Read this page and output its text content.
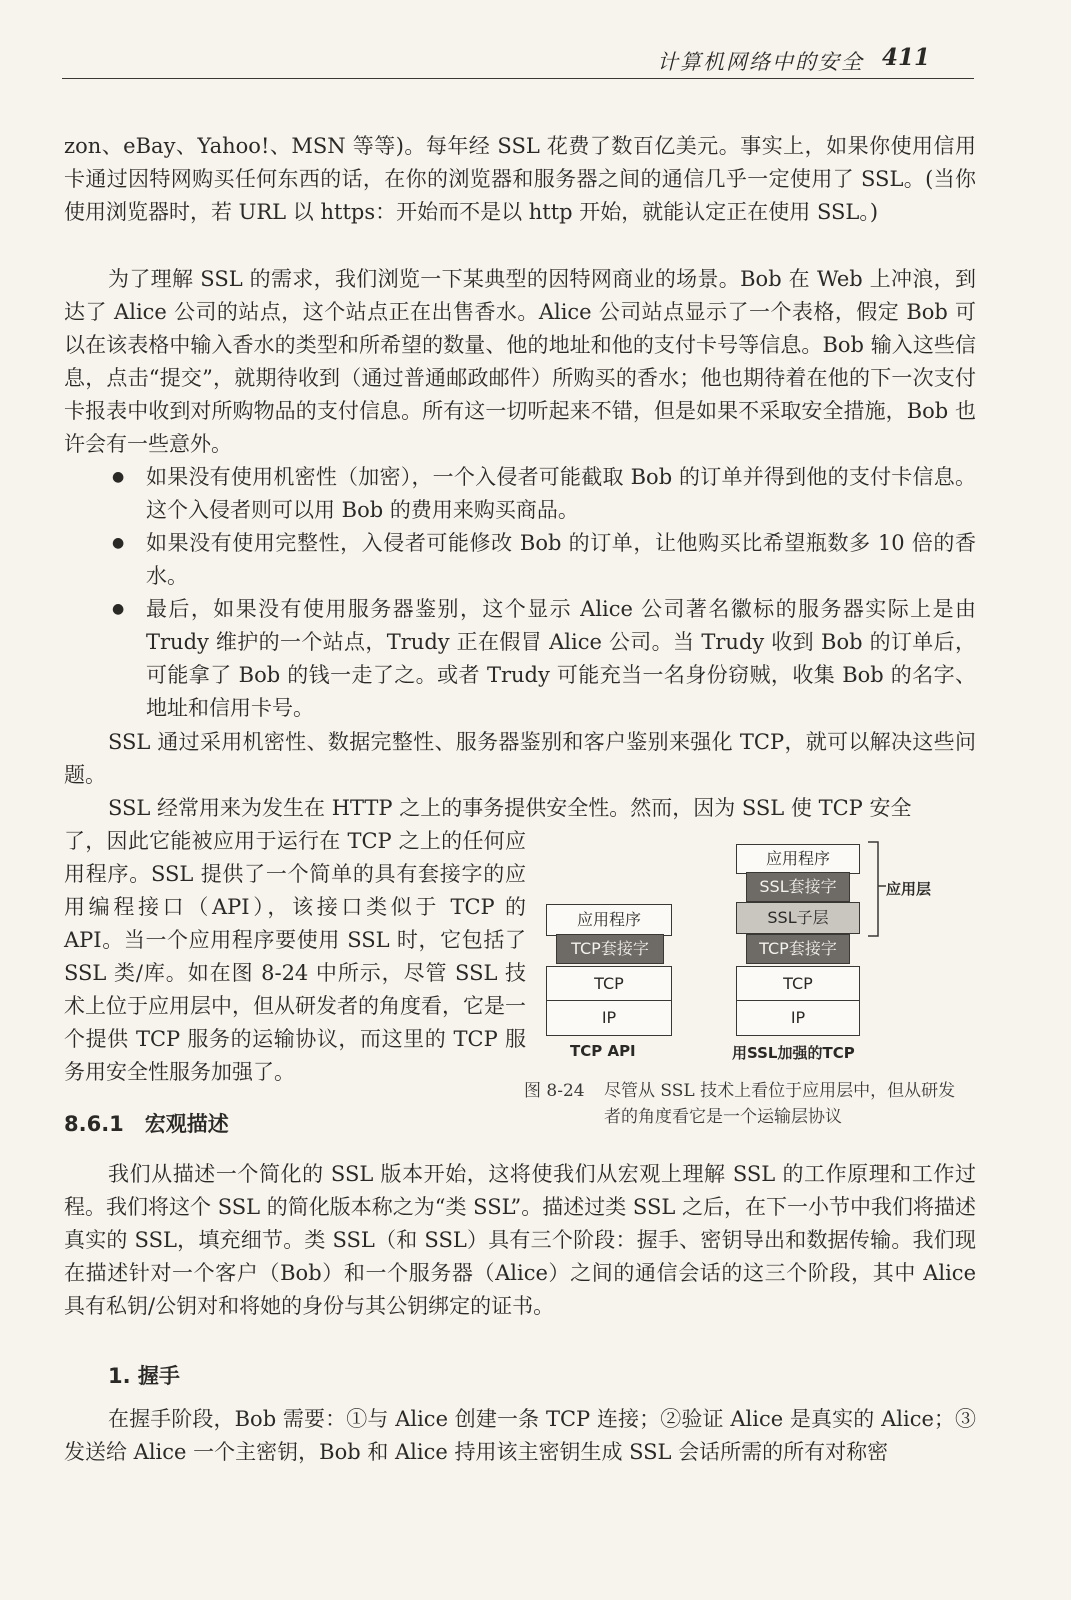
计算机网络中的安全 411
zon、eBay、Yahoo!、MSN 等等)。每年经 SSL 花费了数百亿美元。事实上，如果你使用信用卡通过因特网购买任何东西的话，在你的浏览器和服务器之间的通信几乎一定使用了 SSL。(当你使用浏览器时，若 URL 以 https：开始而不是以 http 开始，就能认定正在使用 SSL。)
为了理解 SSL 的需求，我们浏览一下某典型的因特网商业的场景。Bob 在 Web 上冲浪，到达了 Alice 公司的站点，这个站点正在出售香水。Alice 公司站点显示了一个表格，假定 Bob 可以在该表格中输入香水的类型和所希望的数量、他的地址和他的支付卡号等信息。Bob 输入这些信息，点击“提交”，就期待收到（通过普通邮政邮件）所购买的香水；他也期待着在他的下一次支付卡报表中收到对所购物品的支付信息。所有这一切听起来不错，但是如果不采取安全措施，Bob 也许会有一些意外。
● 如果没有使用机密性（加密），一个入侵者可能截取 Bob 的订单并得到他的支付卡信息。这个入侵者则可以用 Bob 的费用来购买商品。
● 如果没有使用完整性，入侵者可能修改 Bob 的订单，让他购买比希望瓶数多 10 倍的香水。
● 最后，如果没有使用服务器鉴别，这个显示 Alice 公司著名徽标的服务器实际上是由 Trudy 维护的一个站点，Trudy 正在假冒 Alice 公司。当 Trudy 收到 Bob 的订单后，可能拿了 Bob 的钱一走了之。或者 Trudy 可能充当一名身份窃贼，收集 Bob 的名字、地址和信用卡号。
SSL 通过采用机密性、数据完整性、服务器鉴别和客户鉴别来强化 TCP，就可以解决这些问题。
SSL 经常用来为发生在 HTTP 之上的事务提供安全性。然而，因为 SSL 使 TCP 安全
了，因此它能被应用于运行在 TCP 之上的任何应用程序。SSL 提供了一个简单的具有套接字的应用编程接口（API），该接口类似于 TCP 的 API。当一个应用程序要使用 SSL 时，它包括了 SSL 类/库。如在图 8-24 中所示，尽管 SSL 技术上位于应用层中，但从研发者的角度看，它是一个提供 TCP 服务的运输协议，而这里的 TCP 服务用安全性服务加强了。
应用程序
TCP套接字
TCP
IP
TCP API
应用程序
SSL套接字
SSL子层
TCP套接字
TCP
IP
用SSL加强的TCP
应用层
图 8-24 尽管从 SSL 技术上看位于应用层中，但从研发者的角度看它是一个运输层协议
8.6.1　宏观描述
我们从描述一个简化的 SSL 版本开始，这将使我们从宏观上理解 SSL 的工作原理和工作过程。我们将这个 SSL 的简化版本称之为“类 SSL”。描述过类 SSL 之后，在下一小节中我们将描述真实的 SSL，填充细节。类 SSL（和 SSL）具有三个阶段：握手、密钥导出和数据传输。我们现在描述针对一个客户（Bob）和一个服务器（Alice）之间的通信会话的这三个阶段，其中 Alice 具有私钥/公钥对和将她的身份与其公钥绑定的证书。
1. 握手
在握手阶段，Bob 需要：①与 Alice 创建一条 TCP 连接；②验证 Alice 是真实的 Alice；③发送给 Alice 一个主密钥，Bob 和 Alice 持用该主密钥生成 SSL 会话所需的所有对称密
